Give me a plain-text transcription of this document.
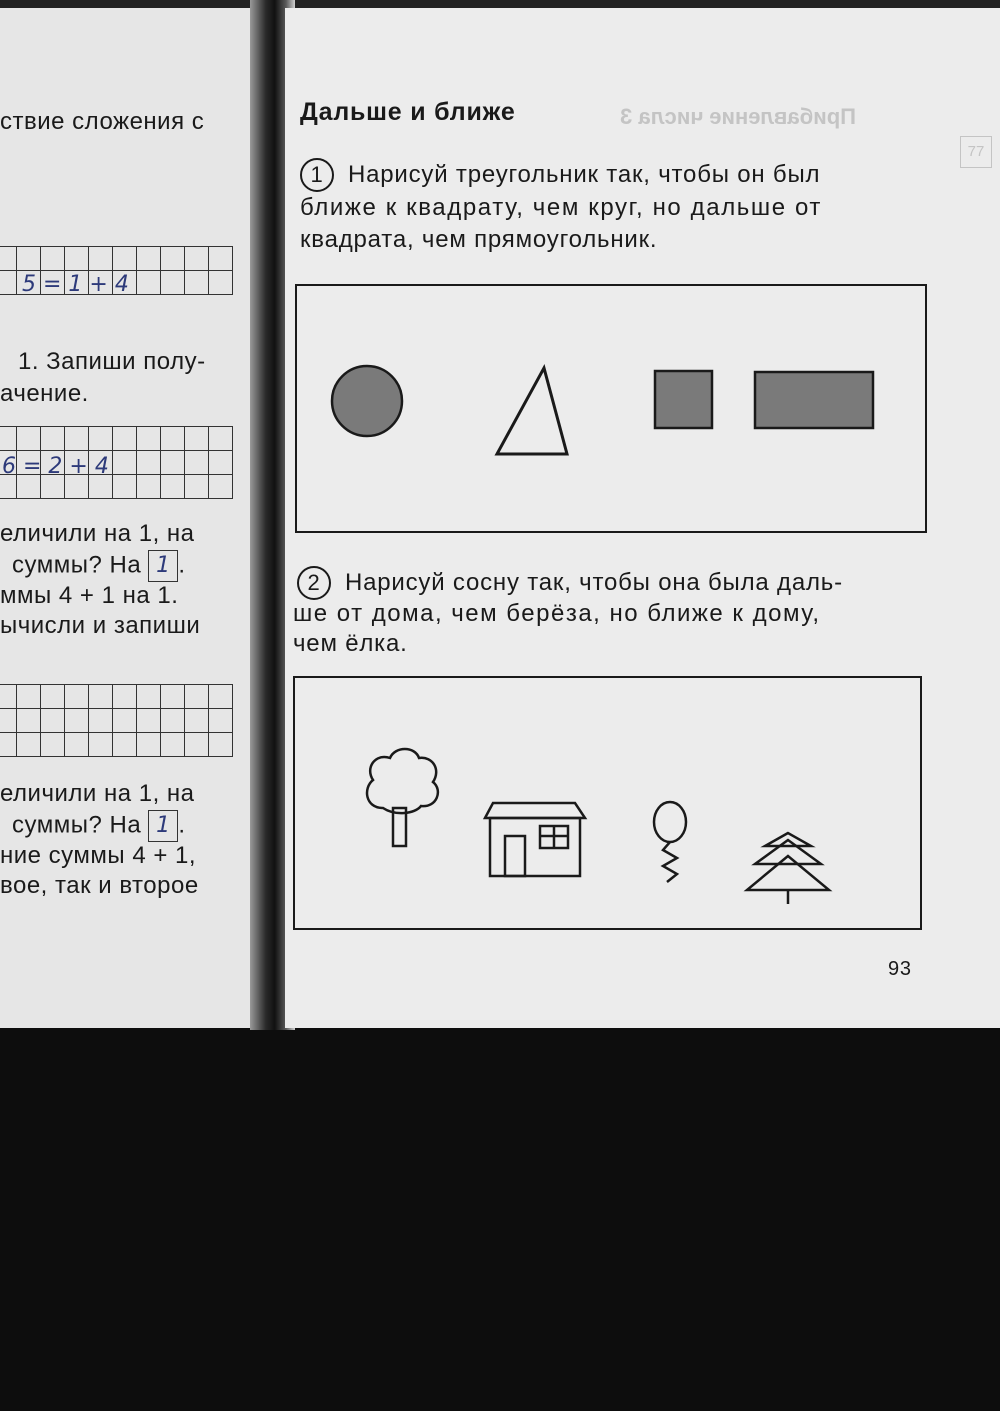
ствие сложения с
5 = 1 + 4
1. Запиши полу-
ачение.
6 = 2 + 4
еличили на 1, на
суммы? На 1 .
ммы 4 + 1 на 1.
ычисли и запиши
еличили на 1, на
суммы? На 1 .
ние суммы 4 + 1,
вое, так и второе
Прибавление числа 3
77
Дальше и ближе
1 Нарисуй треугольник так, чтобы он был
ближе к квадрату, чем круг, но дальше от
квадрата, чем прямоугольник.
2 Нарисуй сосну так, чтобы она была даль-
ше от дома, чем берёза, но ближе к дому,
чем ёлка.
93
